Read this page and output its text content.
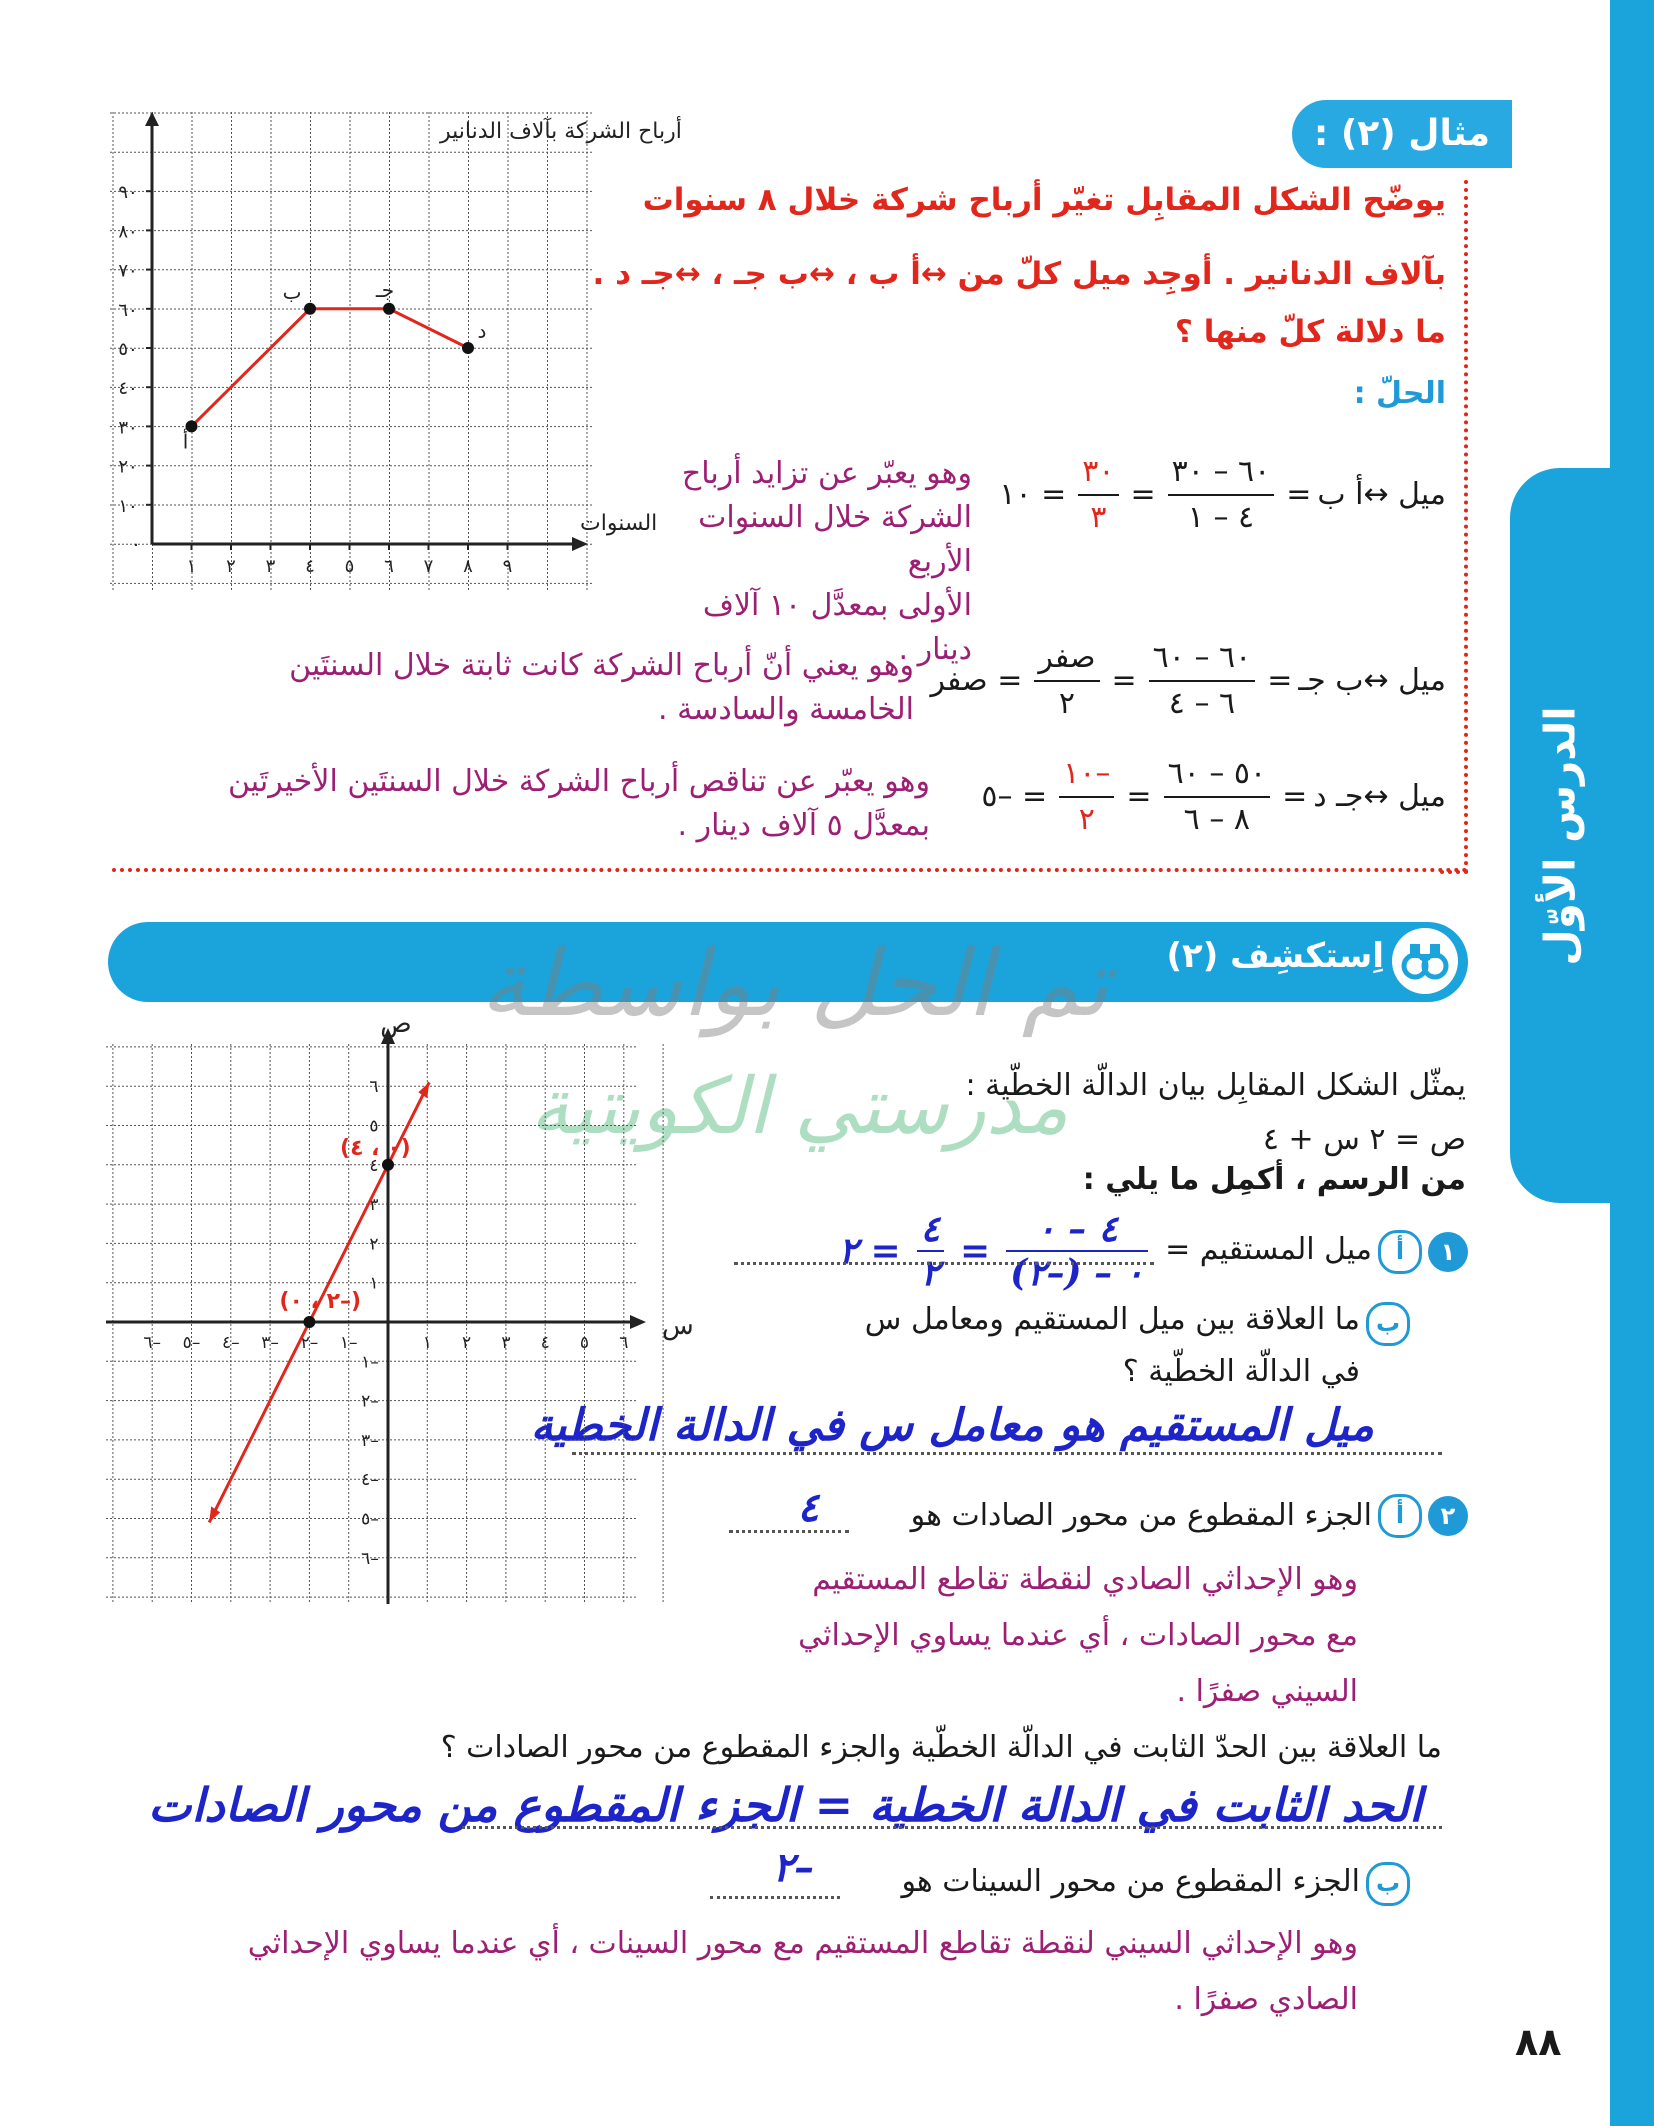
الدرس الأوّل
مثال (٢) :
يوضّح الشكل المقابِل تغيّر أرباح شركة خلال ٨ سنوات
بآلاف الدنانير . أوجِد ميل كلّ من ↔أ ب ، ↔ب جـ ، ↔جـ د .
ما دلالة كلّ منها ؟
الحلّ :
ميل ↔أ ب
=
$\frac{٦٠ - ٣٠}{٤ - ١}$
=
$\frac{٣٠}{٣}$
= ١٠
وهو يعبّر عن تزايد أرباح
الشركة خلال السنوات الأربع
الأولى بمعدَّل ١٠ آلاف دينار .
ميل ↔ب جـ
=
$\frac{٦٠ - ٦٠}{٦ - ٤}$
=
$\frac{\text{صفر}}{٢}$
= صفر
وهو يعني أنّ أرباح الشركة كانت ثابتة خلال السنتَين
الخامسة والسادسة .
ميل ↔جـ د
=
$\frac{٥٠ - ٦٠}{٨ - ٦}$
=
$\frac{-١٠}{٢}$
= –٥
وهو يعبّر عن تناقص أرباح الشركة خلال السنتَين الأخيرتَين
بمعدَّل ٥ آلاف دينار .
أرباح الشركة بآلاف الدنانير
السنوات
٠
١٠
٢٠
٣٠
٤٠
٥٠
٦٠
٧٠
٨٠
٩٠
١ ٢ ٣ ٤ ٥ ٦ ٧ ٨ ٩
أ
ب	جـ
د
اِستكشِف (٢)
تم الحل بواسطة
مدرستي الكويتية
يمثّل الشكل المقابِل بيان الدالّة الخطّية :
ص = ٢ س + ٤
من الرسم ، أكمِل ما يلي :
١
أ
ميل المستقيم =
$\frac{٤ - ٠}{٠ - (-٢)}$
=
$\frac{٤}{٢}$
= ٢
ب
ما العلاقة بين ميل المستقيم ومعامل س
في الدالّة الخطّية ؟
ميل المستقيم هو معامل س في الدالة الخطية
٢
أ
الجزء المقطوع من محور الصادات هو
٤
وهو الإحداثي الصادي لنقطة تقاطع المستقيم
مع محور الصادات ، أي عندما يساوي الإحداثي
السيني صفرًا .
ما العلاقة بين الحدّ الثابت في الدالّة الخطّية والجزء المقطوع من محور الصادات ؟
الحد الثابت في الدالة الخطية = الجزء المقطوع من محور الصادات
ب
الجزء المقطوع من محور السينات هو
–٢
وهو الإحداثي السيني لنقطة تقاطع المستقيم مع محور السينات ، أي عندما يساوي الإحداثي
الصادي صفرًا .
س
ص
١ ٢ ٣ ٤ ٥ ٦
–١
–٢
–٣
–٤
–٥
–٦
١
٢
٣
٤
٥
٦
–١
–٢
–٣
–٤
–٥
–٦
(٠ ، ٤)
(–٢ ، ٠)
٨٨
